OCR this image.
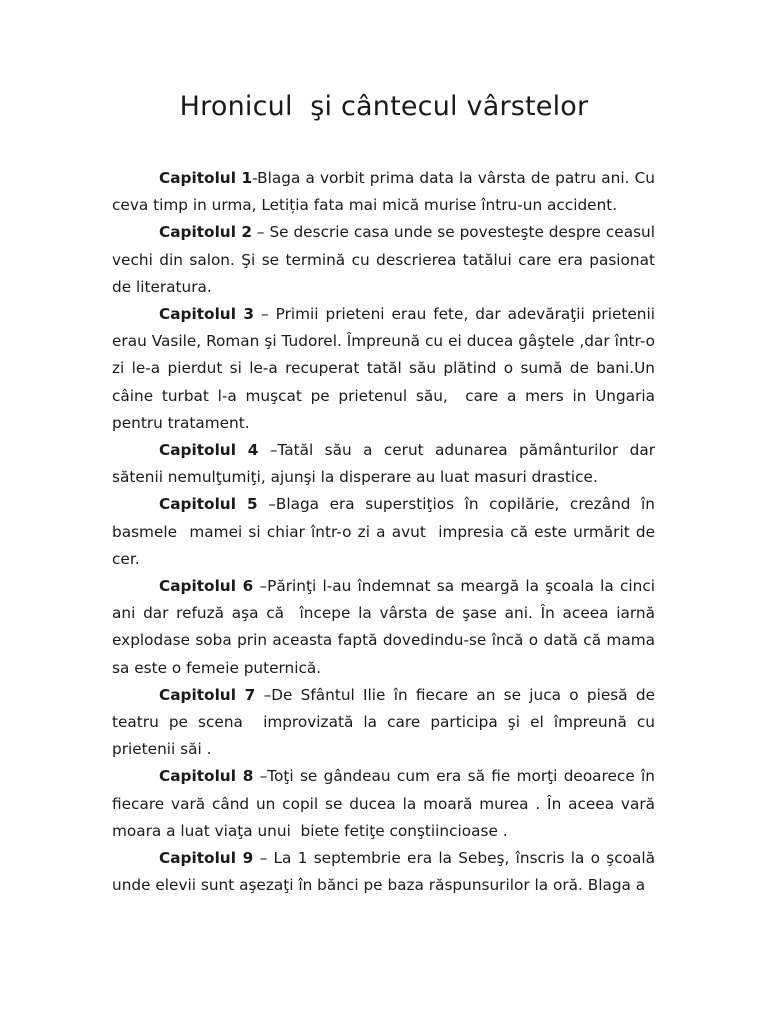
Hronicul  şi cântecul vârstelor

Capitolul 1-Blaga a vorbit prima data la vârsta de patru ani. Cu ceva timp in urma, Letiția fata mai mică murise întru-un accident.

Capitolul 2 – Se descrie casa unde se povesteşte despre ceasul vechi din salon. Şi se termină cu descrierea tatălui care era pasionat de literatura.

Capitolul 3 – Primii prieteni erau fete, dar adevăraţii prietenii erau Vasile, Roman şi Tudorel. Împreună cu ei ducea gâştele ,dar într-o zi le-a pierdut si le-a recuperat tatăl său plătind o sumă de bani.Un câine turbat l-a muşcat pe prietenul său,  care a mers in Ungaria pentru tratament.

Capitolul 4 –Tatăl său a cerut adunarea pământurilor dar sătenii nemulţumiţi, ajunşi la disperare au luat masuri drastice.

Capitolul 5 –Blaga era superstiţios în copilărie, crezând în basmele  mamei si chiar într-o zi a avut  impresia că este urmărit de cer.

Capitolul 6 –Părinţi l-au îndemnat sa meargă la şcoala la cinci ani dar refuză aşa că  începe la vârsta de şase ani. În aceea iarnă explodase soba prin aceasta faptă dovedindu-se încă o dată că mama sa este o femeie puternică.

Capitolul 7 –De Sfântul Ilie în fiecare an se juca o piesă de teatru pe scena  improvizată la care participa şi el împreună cu prietenii săi .

Capitolul 8 –Toţi se gândeau cum era să fie morţi deoarece în fiecare vară când un copil se ducea la moară murea . În aceea vară moara a luat viaţa unui  biete fetiţe conştiincioase .

Capitolul 9 – La 1 septembrie era la Sebeş, înscris la o şcoală unde elevii sunt aşezaţi în bănci pe baza răspunsurilor la oră. Blaga a
